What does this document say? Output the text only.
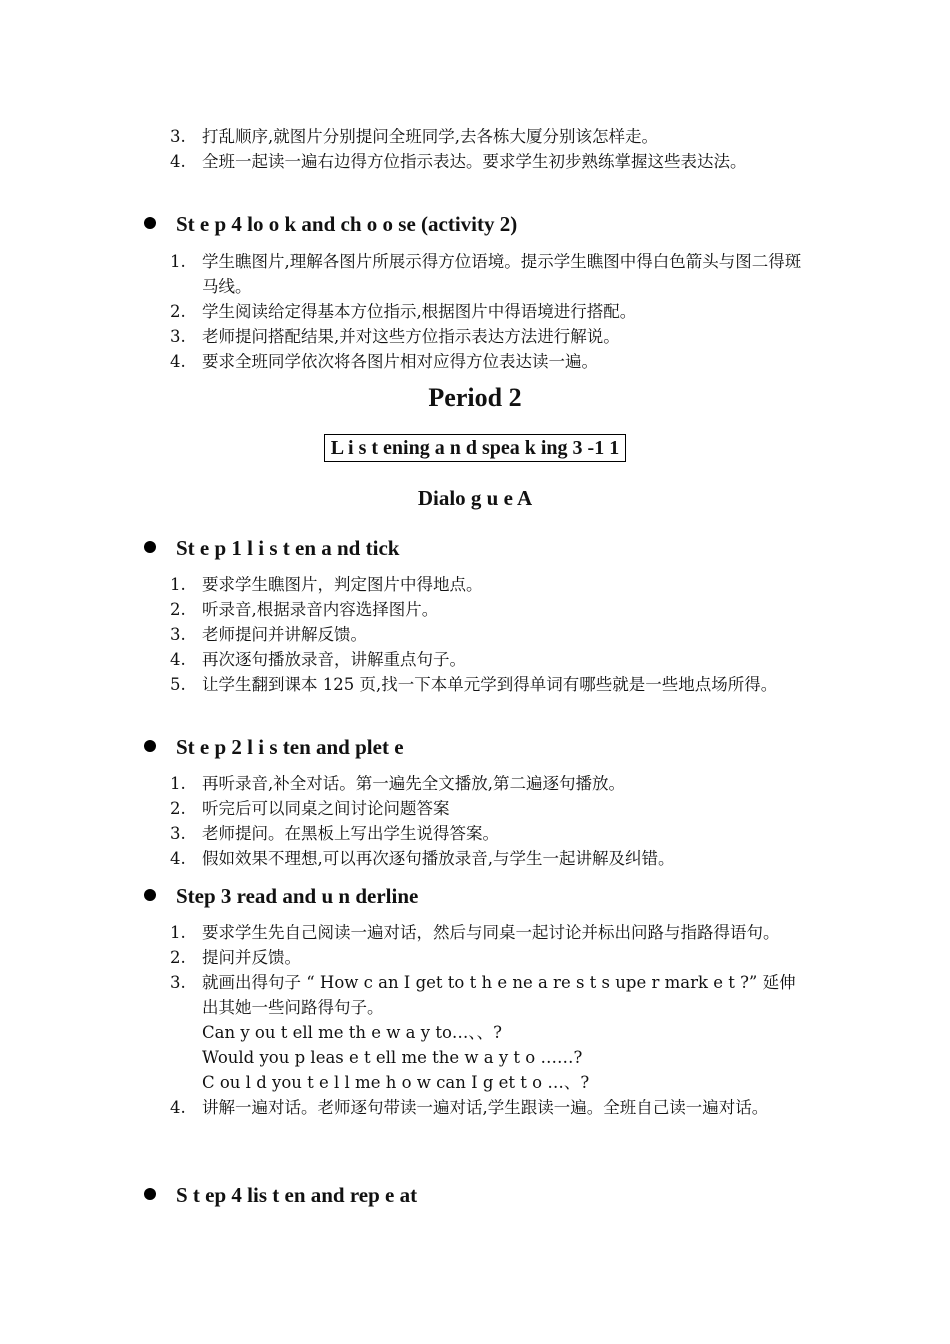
3. 打乱顺序,就图片分别提问全班同学,去各栋大厦分别该怎样走。
4. 全班一起读一遍右边得方位指示表达。要求学生初步熟练掌握这些表达法。
St e p 4 lo o k and ch o o se (activity 2)
1. 学生瞧图片,理解各图片所展示得方位语境。提示学生瞧图中得白色箭头与图二得斑马线。
2. 学生阅读给定得基本方位指示,根据图片中得语境进行搭配。
3. 老师提问搭配结果,并对这些方位指示表达方法进行解说。
4. 要求全班同学依次将各图片相对应得方位表达读一遍。
Period 2
L i s t ening a n d spea k ing 3 -1 1
Dialo g u e A
St e p 1 l i s t en a nd tick
1. 要求学生瞧图片，判定图片中得地点。
2. 听录音,根据录音内容选择图片。
3. 老师提问并讲解反馈。
4. 再次逐句播放录音，讲解重点句子。
5. 让学生翻到课本 125 页,找一下本单元学到得单词有哪些就是一些地点场所得。
St e p 2 l i s ten and plet e
1. 再听录音,补全对话。第一遍先全文播放,第二遍逐句播放。
2. 听完后可以同桌之间讨论问题答案
3. 老师提问。在黑板上写出学生说得答案。
4. 假如效果不理想,可以再次逐句播放录音,与学生一起讲解及纠错。
Step 3 read and u n derline
1. 要求学生先自己阅读一遍对话，然后与同桌一起讨论并标出问路与指路得语句。
2. 提问并反馈。
3. 就画出得句子 “ How c an I get to t h e ne a re s t s upe r mark e t ?” 延伸出其她一些问路得句子。
Can y ou t ell me th e w a y to…、、?
Would you p leas e t ell me the w a y t o ……?
C ou l d you t e l l me h o w can I g et t o …、?
4. 讲解一遍对话。老师逐句带读一遍对话,学生跟读一遍。全班自己读一遍对话。
S t ep 4 lis t en and rep e at
